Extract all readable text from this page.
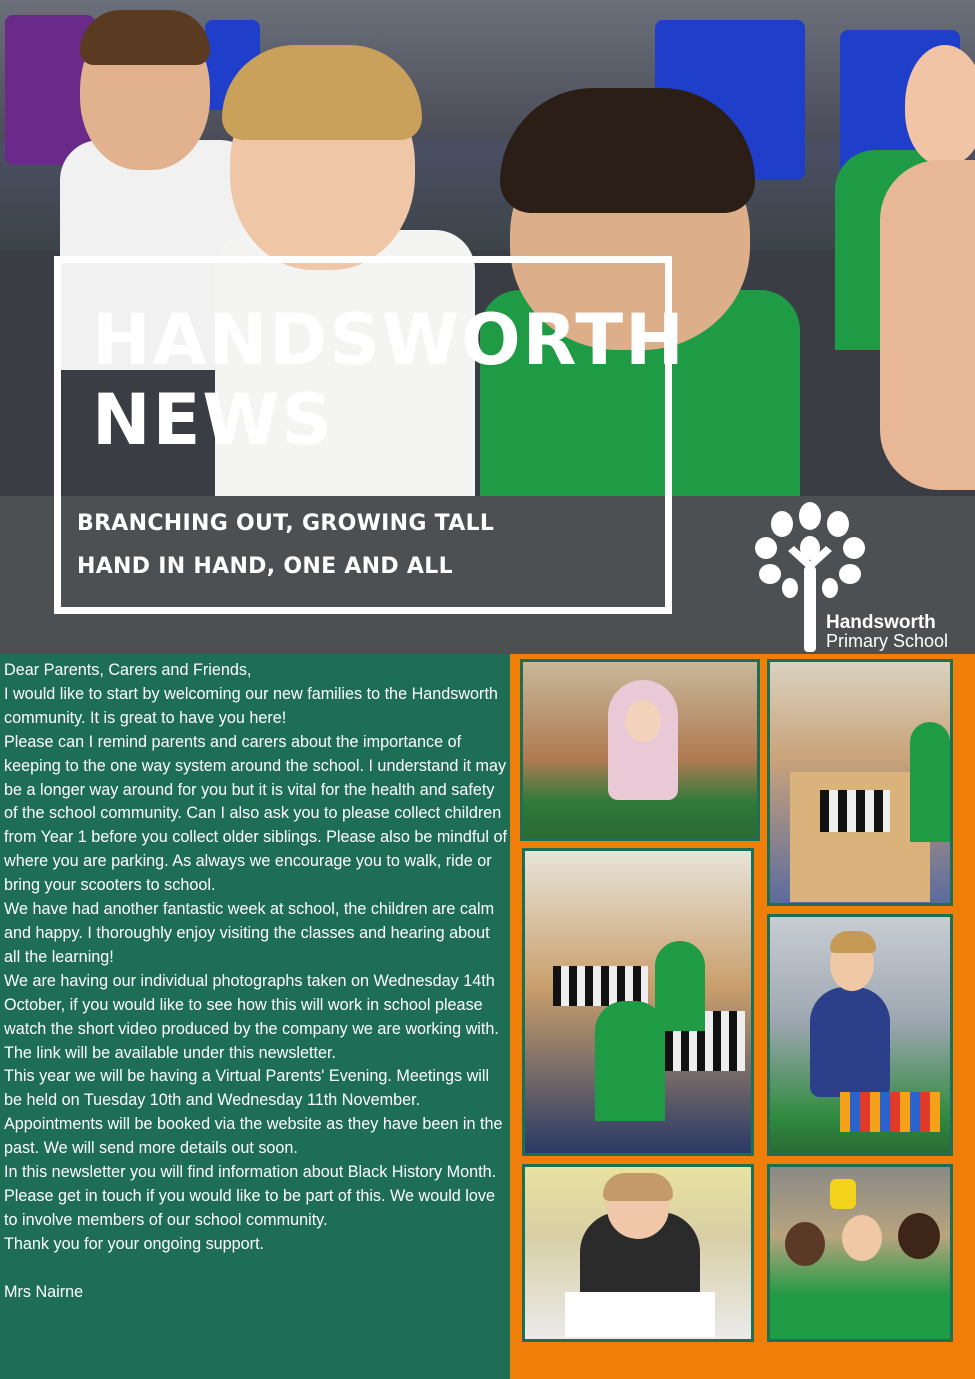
HANDSWORTH
NEWS
BRANCHING OUT, GROWING TALL
HAND IN HAND, ONE AND ALL
Handsworth
Primary School

Dear Parents, Carers and Friends,

I would like to start by welcoming our new families to the Handsworth community. It is great to have you here!

Please can I remind parents and carers about the importance of keeping to the one way system around the school. I understand it may be a longer way around for you but it is vital for the health and safety of the school community. Can I also ask you to please collect children from Year 1 before you collect older siblings. Please also be mindful of where you are parking. As always we encourage you to walk, ride or bring your scooters to school.

We have had another fantastic week at school, the children are calm and happy. I thoroughly enjoy visiting the classes and hearing about all the learning!

We are having our individual photographs taken on Wednesday 14th October, if you would like to see how this will work in school please watch the short video produced by the company we are working with. The link will be available under this newsletter.

This year we will be having a Virtual Parents' Evening. Meetings will be held on Tuesday 10th and Wednesday 11th November. Appointments will be booked via the website as they have been in the past. We will send more details out soon.

In this newsletter you will find information about Black History Month. Please get in touch if you would like to be part of this. We would love to involve members of our school community.

Thank you for your ongoing support.

Mrs Nairne
